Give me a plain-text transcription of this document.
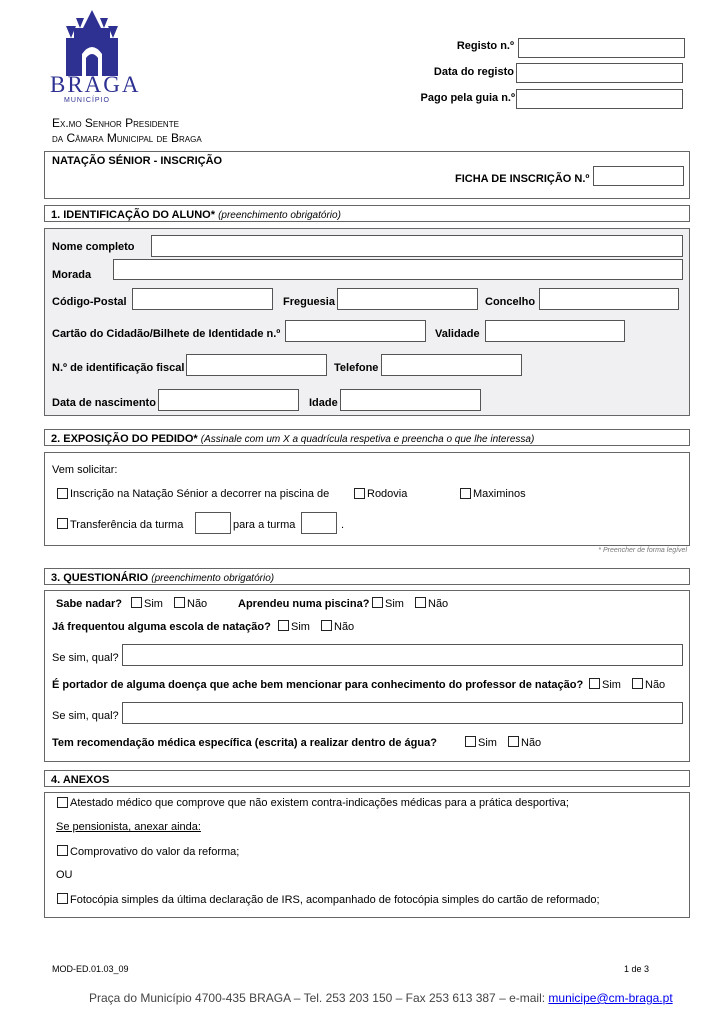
BRAGA
MUNICÍPIO
Ex.mo Senhor Presidente
da Câmara Municipal de Braga
Registo n.º
Data do registo
Pago pela guia n.º
NATAÇÃO SÉNIOR - INSCRIÇÃO
FICHA DE INSCRIÇÃO N.º
1. IDENTIFICAÇÃO DO ALUNO* (preenchimento obrigatório)
Nome completo
Morada
Código-Postal	Freguesia	Concelho
Cartão do Cidadão/Bilhete de Identidade n.º	Validade
N.º de identificação fiscal	Telefone
Data de nascimento	Idade
2. EXPOSIÇÃO DO PEDIDO* (Assinale com um X a quadrícula respetiva e preencha o que lhe interessa)
Vem solicitar:
Inscrição na Natação Sénior a decorrer na piscina de	Rodovia	Maximinos
Transferência da turma	para a turma	.
* Preencher de forma legível
3. QUESTIONÁRIO (preenchimento obrigatório)
Sabe nadar? Sim Não	Aprendeu numa piscina? Sim Não
Já frequentou alguma escola de natação? Sim Não
Se sim, qual?
É portador de alguma doença que ache bem mencionar para conhecimento do professor de natação? Sim Não
Se sim, qual?
Tem recomendação médica específica (escrita) a realizar dentro de água?	Sim Não
4. ANEXOS
Atestado médico que comprove que não existem contra-indicações médicas para a prática desportiva;
Se pensionista, anexar ainda:
Comprovativo do valor da reforma;
OU
Fotocópia simples da última declaração de IRS, acompanhado de fotocópia simples do cartão de reformado;
MOD-ED.01.03_09	1 de 3
Praça do Município 4700-435 BRAGA – Tel. 253 203 150 – Fax 253 613 387 – e-mail: municipe@cm-braga.pt
